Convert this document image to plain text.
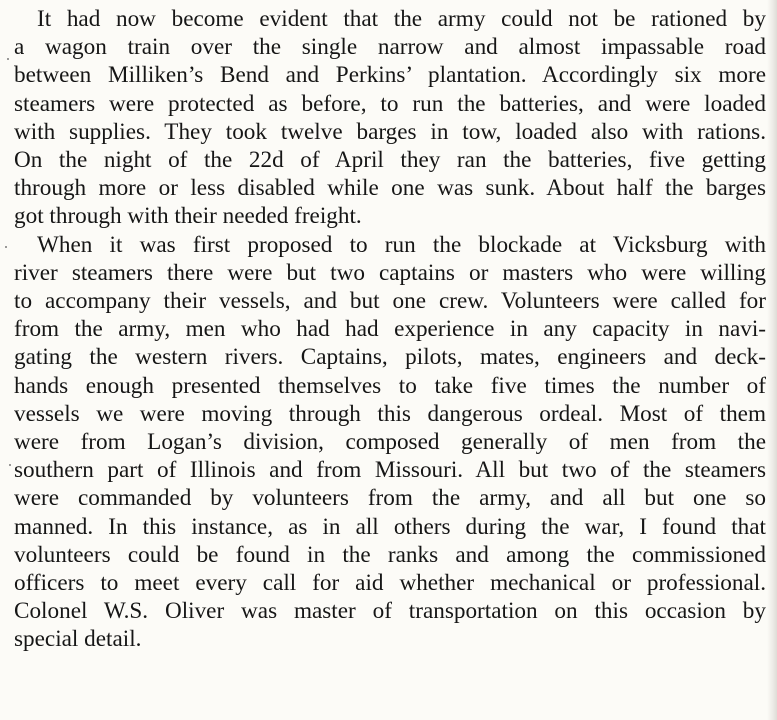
It had now become evident that the army could not be rationed by
a wagon train over the single narrow and almost impassable road
between Milliken’s Bend and Perkins’ plantation. Accordingly six more
steamers were protected as before, to run the batteries, and were loaded
with supplies. They took twelve barges in tow, loaded also with rations.
On the night of the 22d of April they ran the batteries, five getting
through more or less disabled while one was sunk. About half the barges
got through with their needed freight.

When it was first proposed to run the blockade at Vicksburg with
river steamers there were but two captains or masters who were willing
to accompany their vessels, and but one crew. Volunteers were called for
from the army, men who had had experience in any capacity in navi-
gating the western rivers. Captains, pilots, mates, engineers and deck-
hands enough presented themselves to take five times the number of
vessels we were moving through this dangerous ordeal. Most of them
were from Logan’s division, composed generally of men from the
southern part of Illinois and from Missouri. All but two of the steamers
were commanded by volunteers from the army, and all but one so
manned. In this instance, as in all others during the war, I found that
volunteers could be found in the ranks and among the commissioned
officers to meet every call for aid whether mechanical or professional.
Colonel W.S. Oliver was master of transportation on this occasion by
special detail.
